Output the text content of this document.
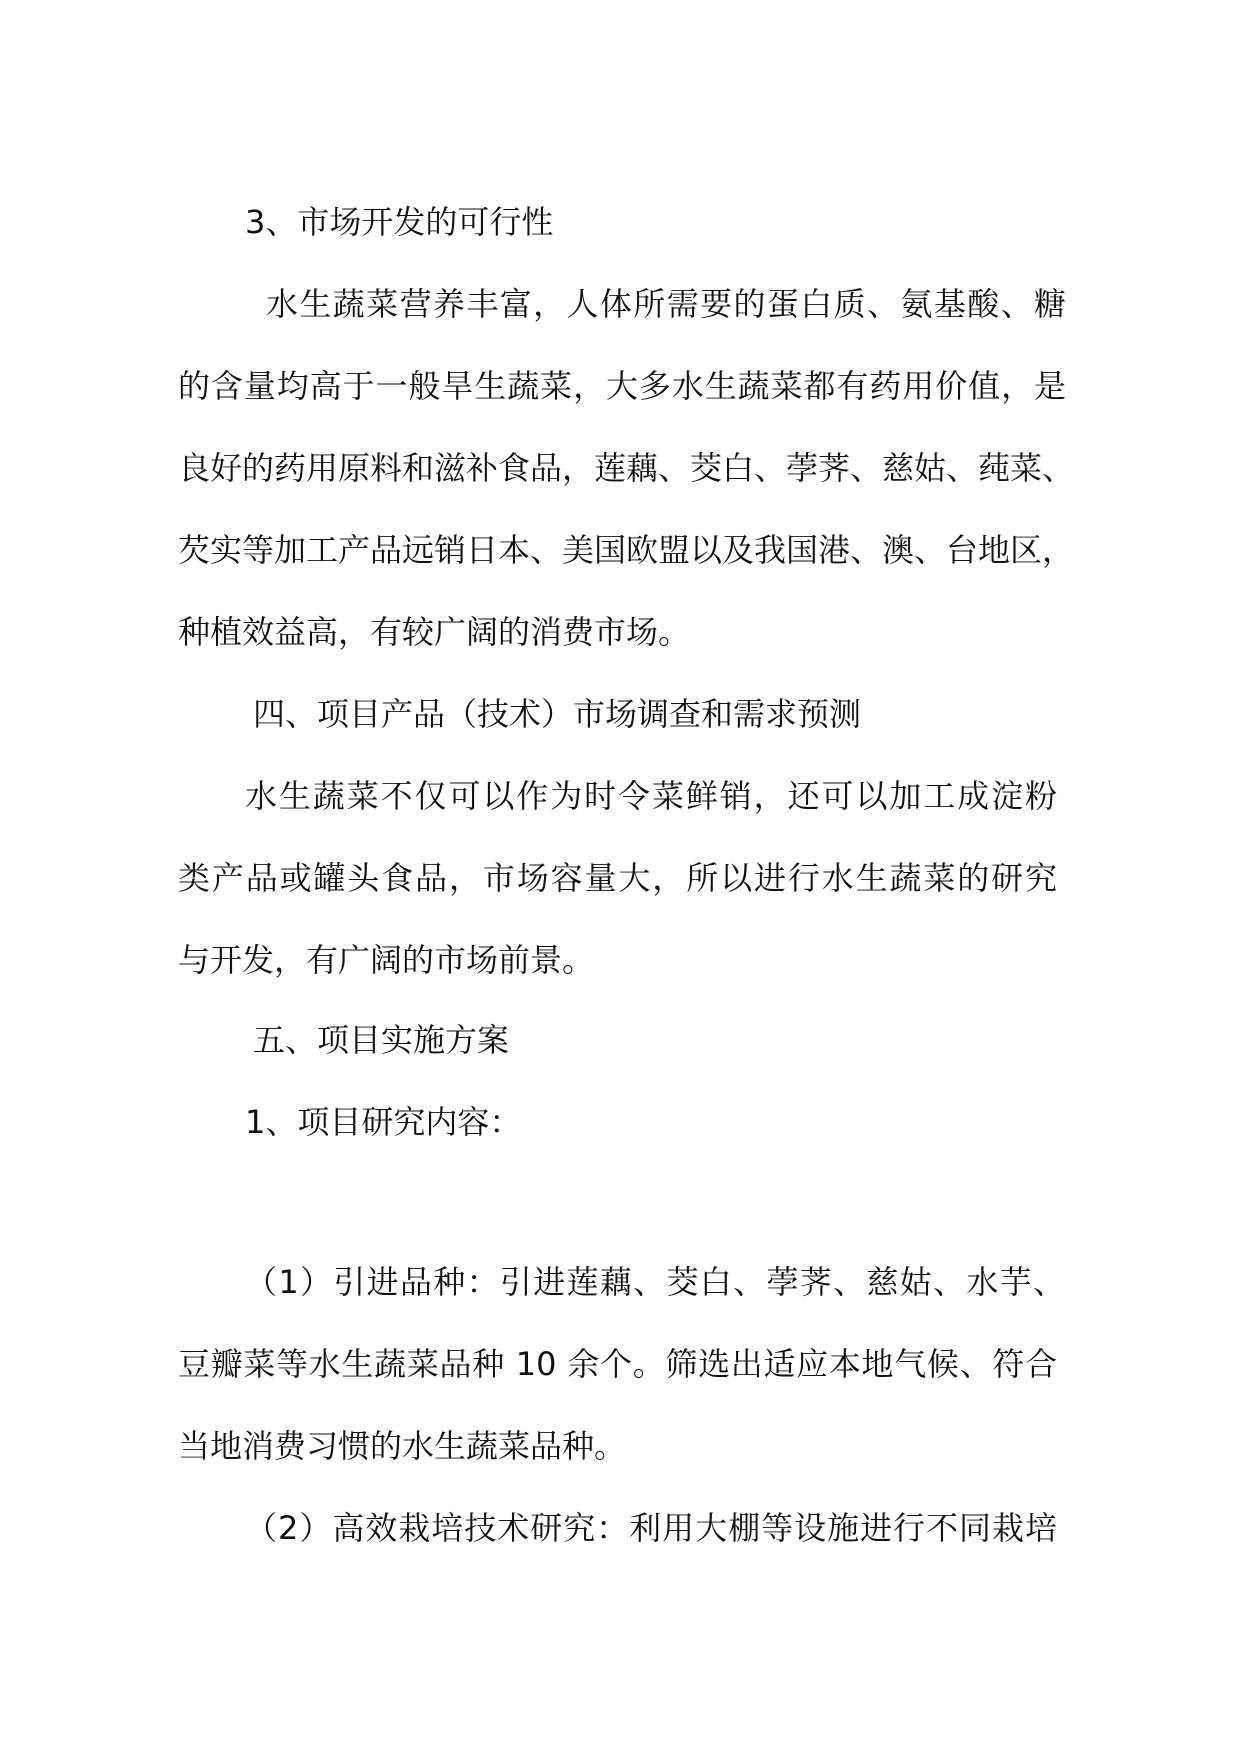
3、市场开发的可行性
水生蔬菜营养丰富，人体所需要的蛋白质、氨基酸、糖
的含量均高于一般旱生蔬菜，大多水生蔬菜都有药用价值，是
良好的药用原料和滋补食品，莲藕、茭白、荸荠、慈姑、莼菜、
芡实等加工产品远销日本、美国欧盟以及我国港、澳、台地区，
种植效益高，有较广阔的消费市场。
四、项目产品（技术）市场调查和需求预测
水生蔬菜不仅可以作为时令菜鲜销，还可以加工成淀粉
类产品或罐头食品，市场容量大，所以进行水生蔬菜的研究
与开发，有广阔的市场前景。
五、项目实施方案
1、项目研究内容：
（1）引进品种：引进莲藕、茭白、荸荠、慈姑、水芋、
豆瓣菜等水生蔬菜品种 10 余个。筛选出适应本地气候、符合
当地消费习惯的水生蔬菜品种。
（2）高效栽培技术研究：利用大棚等设施进行不同栽培
